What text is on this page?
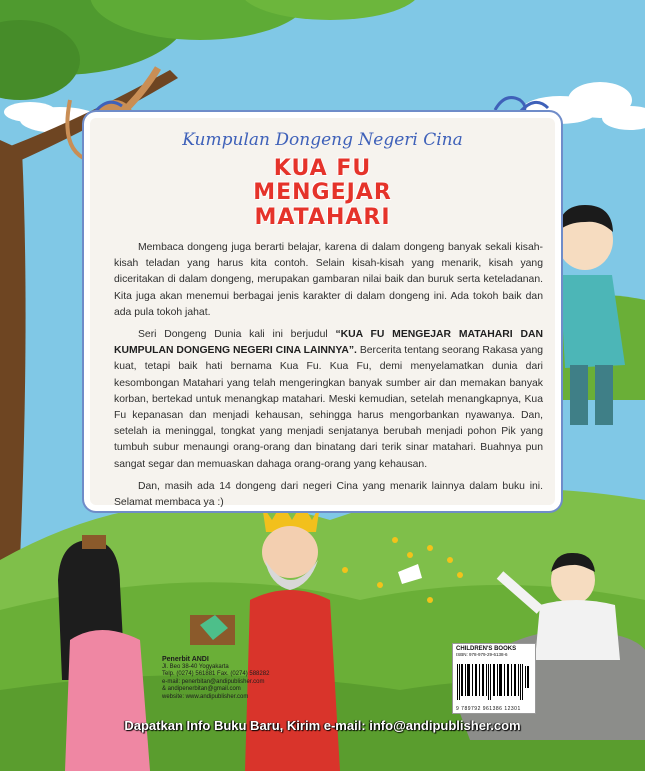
Kumpulan Dongeng Negeri Cina
KUA FU
MENGEJAR
MATAHARI

Membaca dongeng juga berarti belajar, karena di dalam dongeng banyak sekali kisah-kisah teladan yang harus kita contoh. Selain kisah-kisah yang menarik, kisah yang diceritakan di dalam dongeng, merupakan gambaran nilai baik dan buruk serta keteladanan. Kita juga akan menemui berbagai jenis karakter di dalam dongeng ini. Ada tokoh baik dan ada pula tokoh jahat.

Seri Dongeng Dunia kali ini berjudul “KUA FU MENGEJAR MATAHARI DAN KUMPULAN DONGENG NEGERI CINA LAINNYA”. Bercerita tentang seorang Rakasa yang kuat, tetapi baik hati bernama Kua Fu. Kua Fu, demi menyelamatkan dunia dari kesombongan Matahari yang telah mengeringkan banyak sumber air dan memakan banyak korban, bertekad untuk menangkap matahari. Meski kemudian, setelah menangkapnya, Kua Fu kepanasan dan menjadi kehausan, sehingga harus mengorbankan nyawanya. Dan, setelah ia meninggal, tongkat yang menjadi senjatanya berubah menjadi pohon Pik yang tumbuh subur menaungi orang-orang dan binatang dari terik sinar matahari. Buahnya pun sangat segar dan memuaskan dahaga orang-orang yang kehausan.

Dan, masih ada 14 dongeng dari negeri Cina yang menarik lainnya dalam buku ini. Selamat membaca ya :)

Penerbit ANDI
Jl. Beo 38-40 Yogyakarta
Telp. (0274) 561881 Fax. (0274) 588282
e-mail: penerbitan@andipublisher.com
& andipenerbitan@gmail.com
website: www.andipublisher.com
CHILDREN'S BOOKS
ISBN: 978-979-29-6138-6
9 789792 961386 12301
Dapatkan Info Buku Baru, Kirim e-mail: info@andipublisher.com
